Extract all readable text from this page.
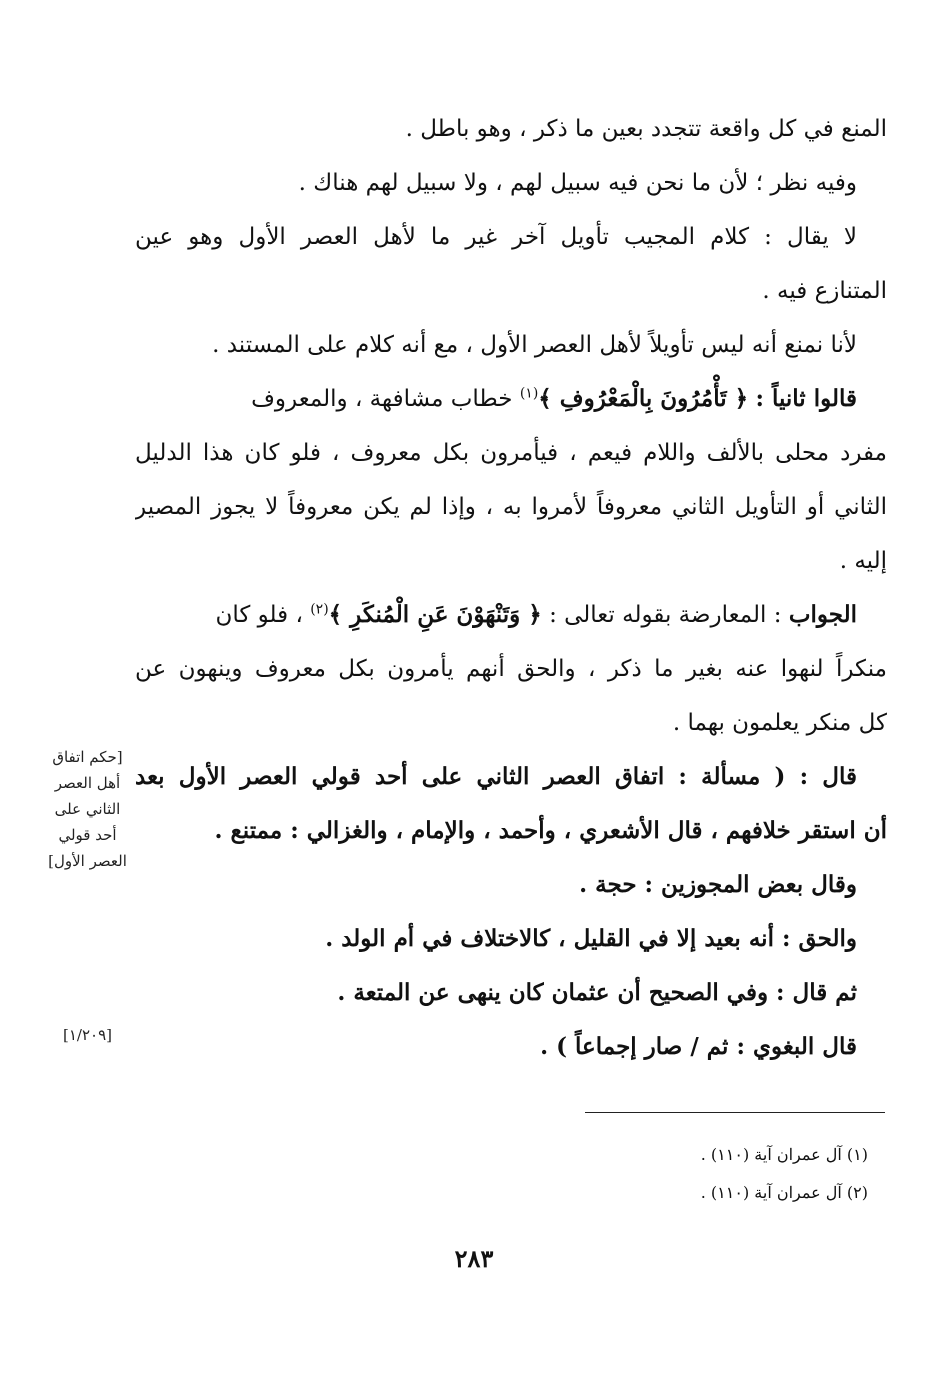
المنع في كل واقعة تتجدد بعين ما ذكر ، وهو باطل .
وفيه نظر ؛ لأن ما نحن فيه سبيل لهم ، ولا سبيل لهم هناك .
لا يقال : كلام المجيب تأويل آخر غير ما لأهل العصر الأول وهو عين
المتنازع فيه .
لأنا نمنع أنه ليس تأويلاً لأهل العصر الأول ، مع أنه كلام على المستند .
قالوا ثانياً : ﴿ تَأْمُرُونَ بِالْمَعْرُوفِ ﴾$^{(١)}$ خطاب مشافهة ، والمعروف
مفرد محلى بالألف واللام فيعم ، فيأمرون بكل معروف ، فلو كان هذا الدليل
الثاني أو التأويل الثاني معروفاً لأمروا به ، وإذا لم يكن معروفاً لا يجوز المصير
إليه .
الجواب : المعارضة بقوله تعالى : ﴿ وَتَنْهَوْنَ عَنِ الْمُنكَرِ ﴾$^{(٢)}$ ، فلو كان
منكراً لنهوا عنه بغير ما ذكر ، والحق أنهم يأمرون بكل معروف وينهون عن
كل منكر يعلمون بهما .
قال : ( مسألة : اتفاق العصر الثاني على أحد قولي العصر الأول بعد
أن استقر خلافهم ، قال الأشعري ، وأحمد ، والإمام ، والغزالي : ممتنع .
وقال بعض المجوزين : حجة .
والحق : أنه بعيد إلا في القليل ، كالاختلاف في أم الولد .
ثم قال : وفي الصحيح أن عثمان كان ينهى عن المتعة .
قال البغوي : ثم / صار إجماعاً ) .
[حكم اتفاق
أهل العصر
الثاني على
أحد قولي
العصر الأول]
[١/٢٠٩]
(١) آل عمران آية (١١٠) .
(٢) آل عمران آية (١١٠) .
٢٨٣
